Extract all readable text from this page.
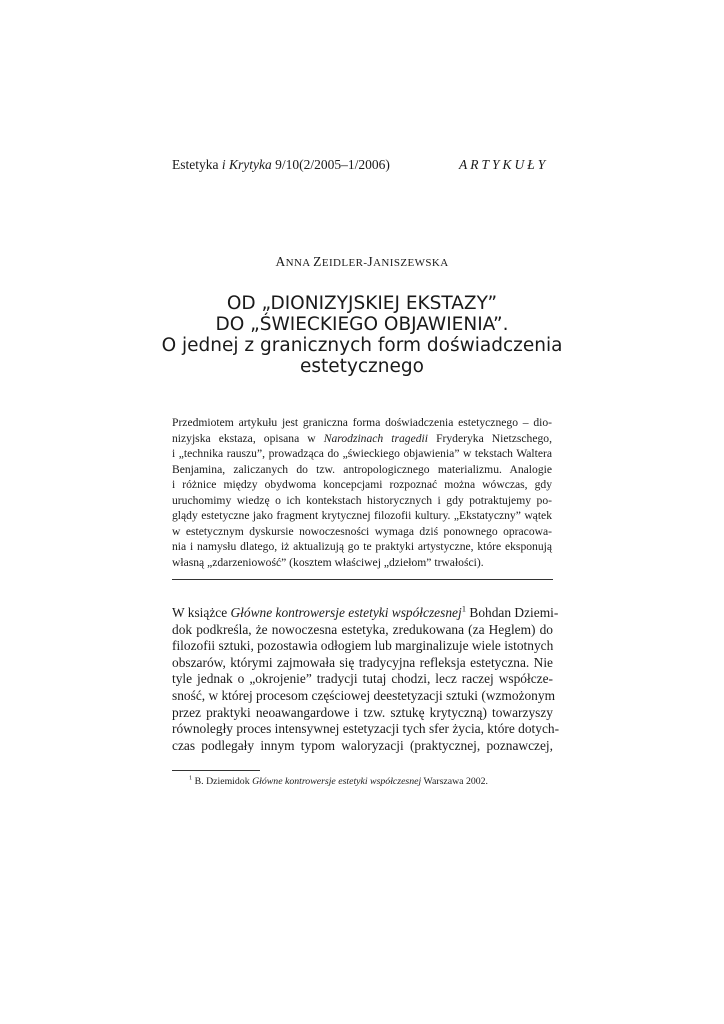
Estetyka i Krytyka 9/10(2/2005–1/2006)	ARTYKUŁY
ANNA ZEIDLER-JANISZEWSKA
OD „DIONIZYJSKIEJ EKSTAZY”
DO „ŚWIECKIEGO OBJAWIENIA”.
O jednej z granicznych form doświadczenia
estetycznego
Przedmiotem artykułu jest graniczna forma doświadczenia estetycznego – dio-
nizyjska ekstaza, opisana w Narodzinach tragedii Fryderyka Nietzschego,
i „technika rauszu”, prowadząca do „świeckiego objawienia” w tekstach Waltera
Benjamina, zaliczanych do tzw. antropologicznego materializmu. Analogie
i różnice między obydwoma koncepcjami rozpoznać można wówczas, gdy
uruchomimy wiedzę o ich kontekstach historycznych i gdy potraktujemy po-
glądy estetyczne jako fragment krytycznej filozofii kultury. „Ekstatyczny” wątek
w estetycznym dyskursie nowoczesności wymaga dziś ponownego opracowa-
nia i namysłu dlatego, iż aktualizują go te praktyki artystyczne, które eksponują
własną „zdarzeniowość” (kosztem właściwej „dziełom” trwałości).
W książce Główne kontrowersje estetyki współczesnej$^1$ Bohdan Dziemi-
dok podkreśla, że nowoczesna estetyka, zredukowana (za Heglem) do
filozofii sztuki, pozostawia odłogiem lub marginalizuje wiele istotnych
obszarów, którymi zajmowała się tradycyjna refleksja estetyczna. Nie
tyle jednak o „okrojenie” tradycji tutaj chodzi, lecz raczej współcze-
sność, w której procesom częściowej deestetyzacji sztuki (wzmożonym
przez praktyki neoawangardowe i tzw. sztukę krytyczną) towarzyszy
równoległy proces intensywnej estetyzacji tych sfer życia, które dotych-
czas podlegały innym typom waloryzacji (praktycznej, poznawczej,
$^1$ B. Dziemidok Główne kontrowersje estetyki współczesnej Warszawa 2002.
